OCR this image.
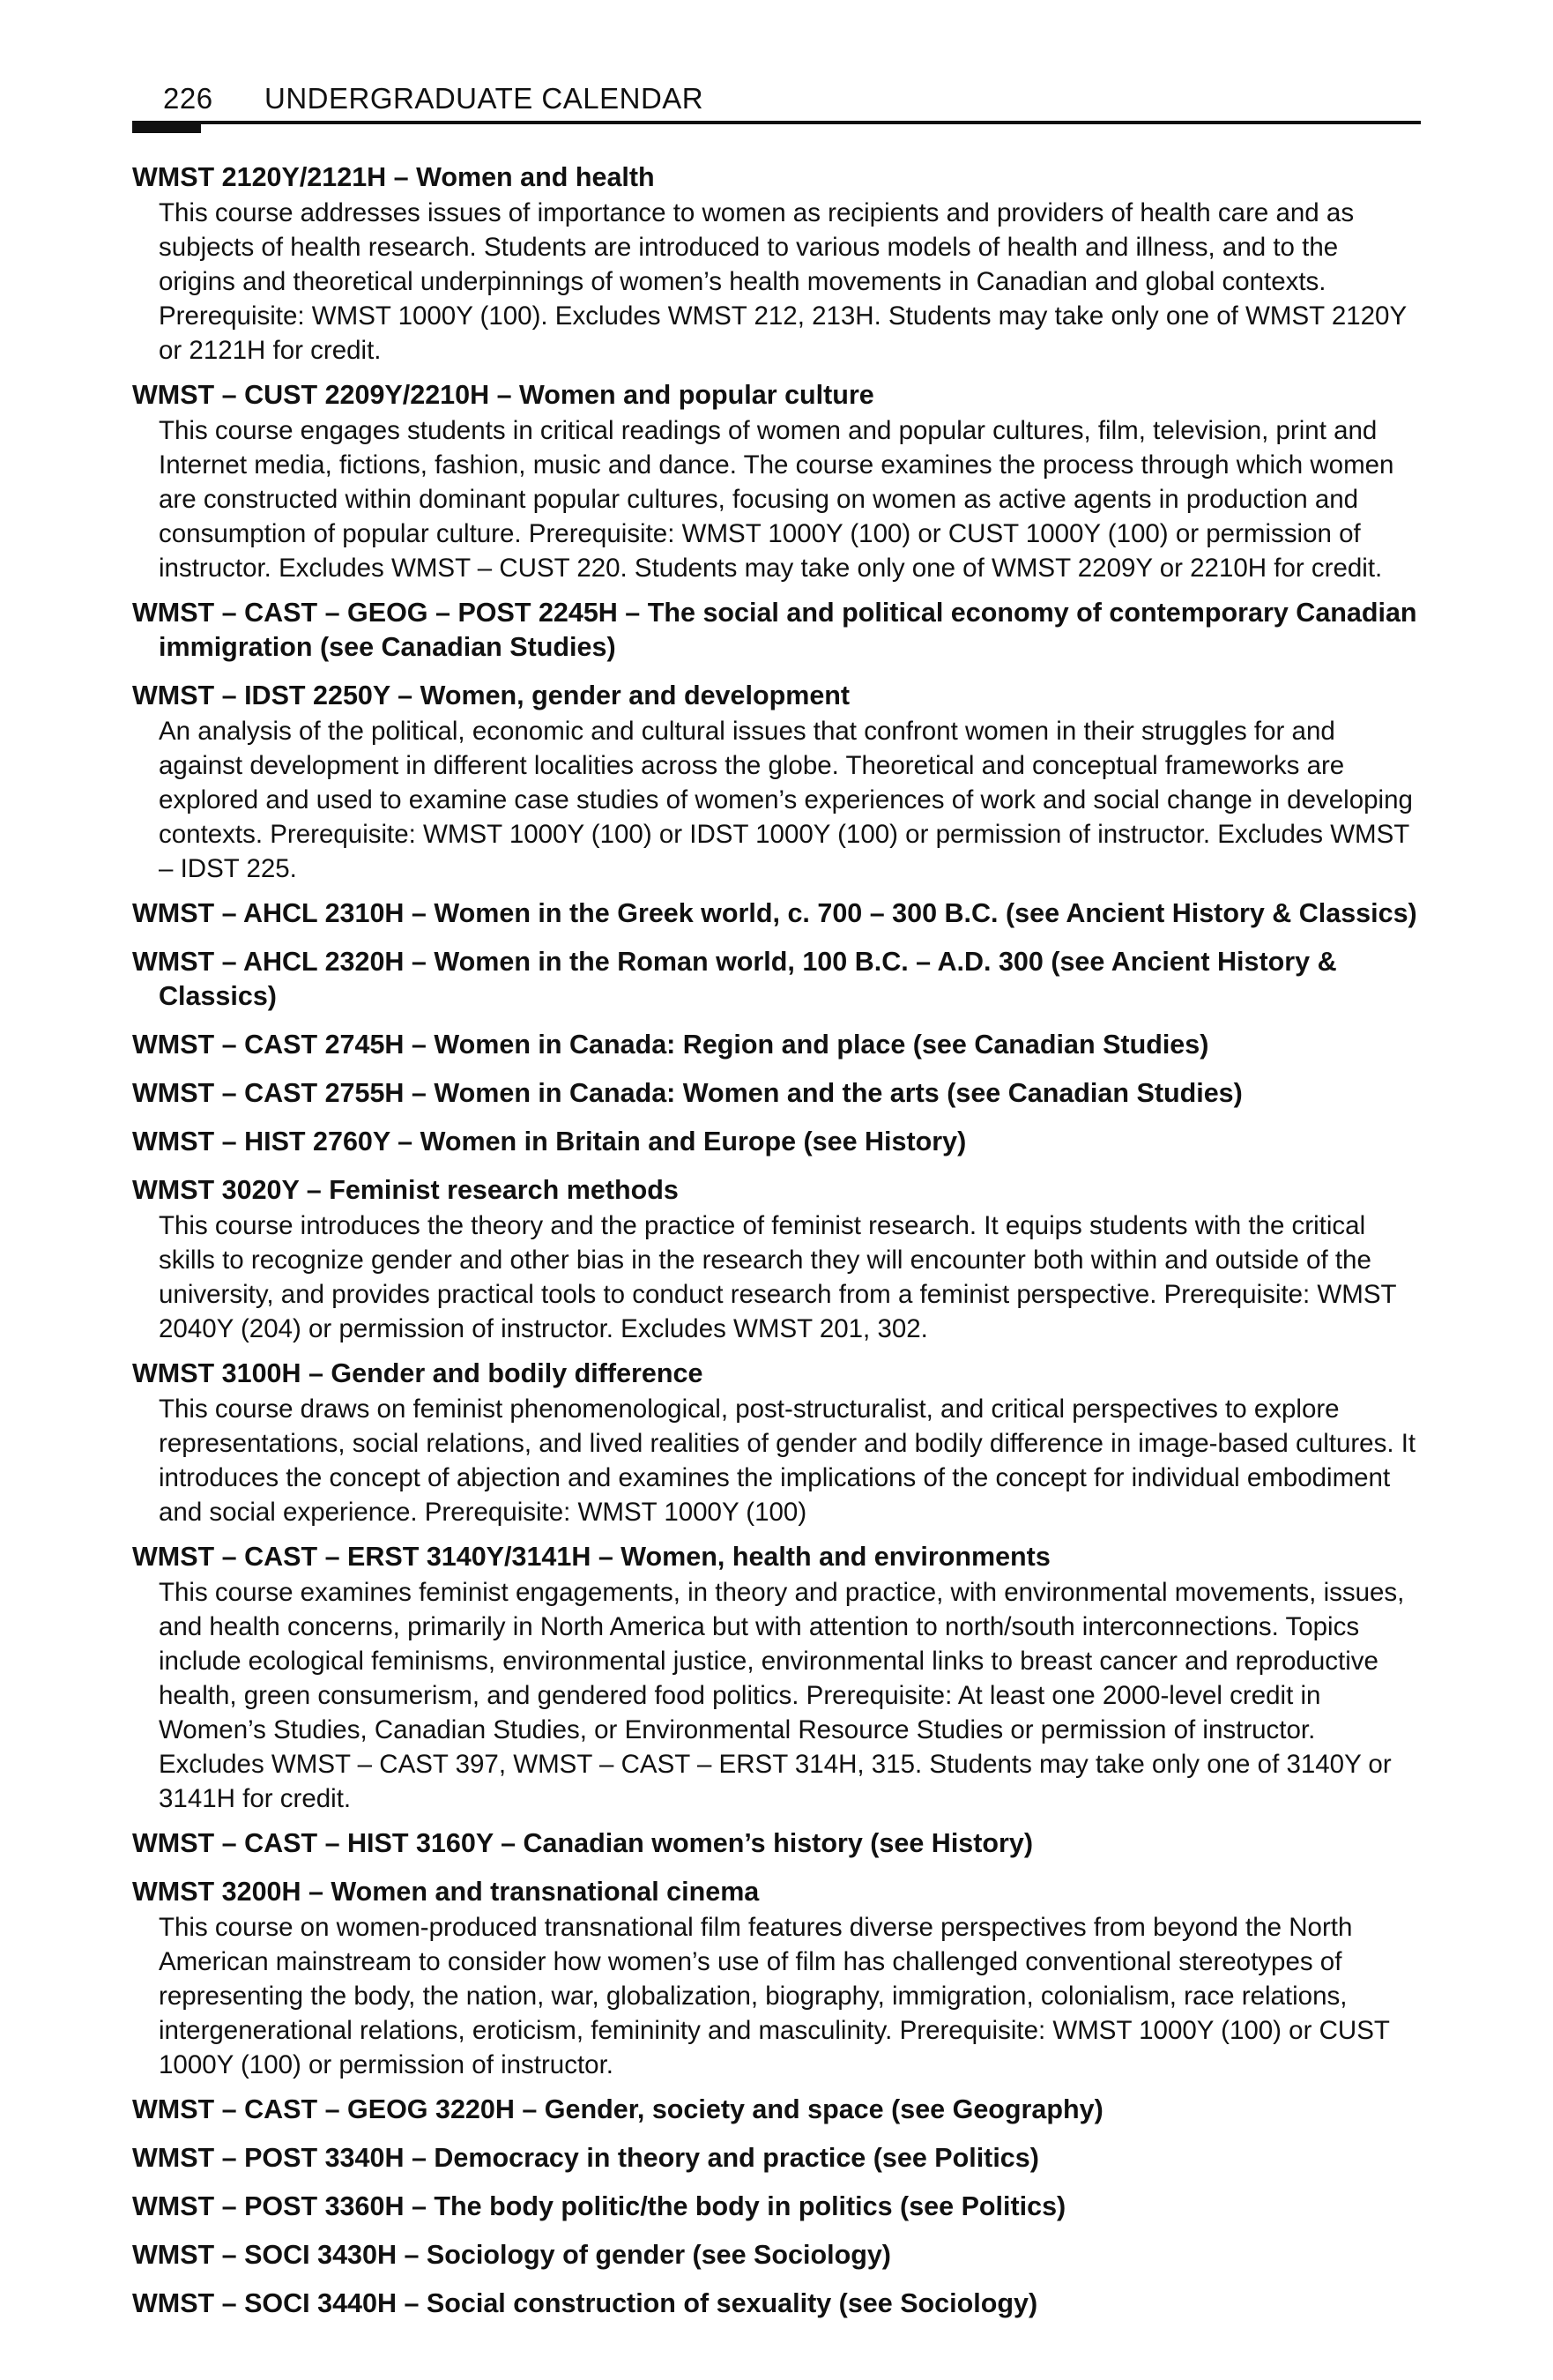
226 UNDERGRADUATE CALENDAR
WMST 2120Y/2121H – Women and health
This course addresses issues of importance to women as recipients and providers of health care and as subjects of health research. Students are introduced to various models of health and illness, and to the origins and theoretical underpinnings of women’s health movements in Canadian and global contexts. Prerequisite: WMST 1000Y (100). Excludes WMST 212, 213H. Students may take only one of WMST 2120Y or 2121H for credit.
WMST – CUST 2209Y/2210H – Women and popular culture
This course engages students in critical readings of women and popular cultures, film, television, print and Internet media, fictions, fashion, music and dance. The course examines the process through which women are constructed within dominant popular cultures, focusing on women as active agents in production and consumption of popular culture. Prerequisite: WMST 1000Y (100) or CUST 1000Y (100) or permission of instructor. Excludes WMST – CUST 220. Students may take only one of WMST 2209Y or 2210H for credit.
WMST – CAST – GEOG – POST 2245H – The social and political economy of contemporary Canadian immigration (see Canadian Studies)
WMST – IDST 2250Y – Women, gender and development
An analysis of the political, economic and cultural issues that confront women in their struggles for and against development in different localities across the globe. Theoretical and conceptual frameworks are explored and used to examine case studies of women’s experiences of work and social change in developing contexts. Prerequisite: WMST 1000Y (100) or IDST 1000Y (100) or permission of instructor. Excludes WMST – IDST 225.
WMST – AHCL 2310H – Women in the Greek world, c. 700 – 300 B.C. (see Ancient History & Classics)
WMST – AHCL 2320H – Women in the Roman world, 100 B.C. – A.D. 300 (see Ancient History & Classics)
WMST – CAST 2745H – Women in Canada: Region and place (see Canadian Studies)
WMST – CAST 2755H – Women in Canada: Women and the arts (see Canadian Studies)
WMST – HIST 2760Y – Women in Britain and Europe (see History)
WMST 3020Y – Feminist research methods
This course introduces the theory and the practice of feminist research. It equips students with the critical skills to recognize gender and other bias in the research they will encounter both within and outside of the university, and provides practical tools to conduct research from a feminist perspective. Prerequisite: WMST 2040Y (204) or permission of instructor. Excludes WMST 201, 302.
WMST 3100H – Gender and bodily difference
This course draws on feminist phenomenological, post-structuralist, and critical perspectives to explore representations, social relations, and lived realities of gender and bodily difference in image-based cultures. It introduces the concept of abjection and examines the implications of the concept for individual embodiment and social experience. Prerequisite: WMST 1000Y (100)
WMST – CAST – ERST 3140Y/3141H – Women, health and environments
This course examines feminist engagements, in theory and practice, with environmental movements, issues, and health concerns, primarily in North America but with attention to north/south interconnections. Topics include ecological feminisms, environmental justice, environmental links to breast cancer and reproductive health, green consumerism, and gendered food politics. Prerequisite: At least one 2000-level credit in Women’s Studies, Canadian Studies, or Environmental Resource Studies or permission of instructor. Excludes WMST – CAST 397, WMST – CAST – ERST 314H, 315. Students may take only one of 3140Y or 3141H for credit.
WMST – CAST – HIST 3160Y – Canadian women’s history (see History)
WMST 3200H – Women and transnational cinema
This course on women-produced transnational film features diverse perspectives from beyond the North American mainstream to consider how women’s use of film has challenged conventional stereotypes of representing the body, the nation, war, globalization, biography, immigration, colonialism, race relations, intergenerational relations, eroticism, femininity and masculinity. Prerequisite: WMST 1000Y (100) or CUST 1000Y (100) or permission of instructor.
WMST – CAST – GEOG 3220H – Gender, society and space (see Geography)
WMST – POST 3340H – Democracy in theory and practice (see Politics)
WMST – POST 3360H – The body politic/the body in politics (see Politics)
WMST – SOCI 3430H – Sociology of gender (see Sociology)
WMST – SOCI 3440H – Social construction of sexuality (see Sociology)
